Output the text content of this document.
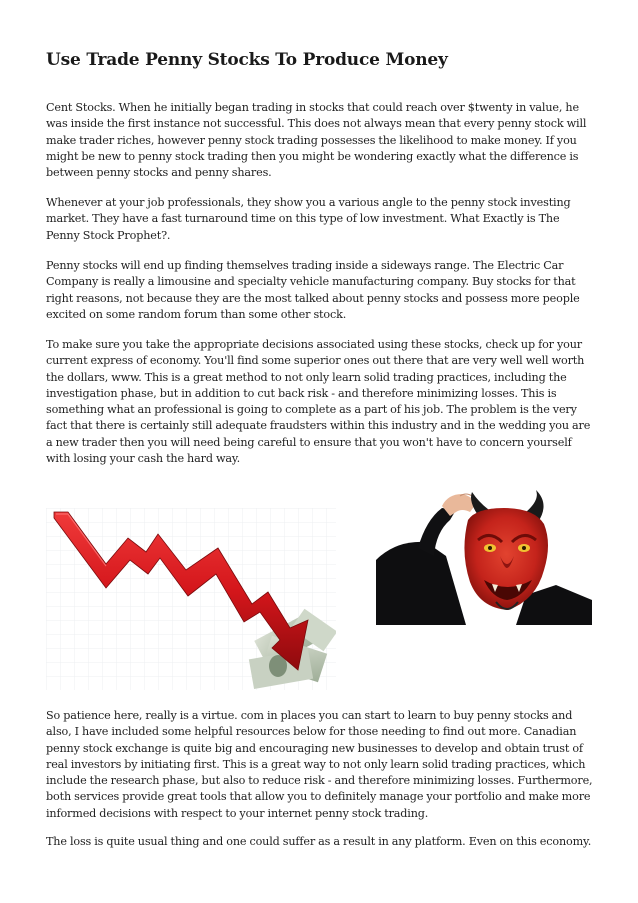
Use Trade Penny Stocks To Produce Money

Cent Stocks. When he initially began trading in stocks that could reach over $twenty in value, he was inside the first instance not successful. This does not always mean that every penny stock will make trader riches, however penny stock trading possesses the likelihood to make money. If you might be new to penny stock trading then you might be wondering exactly what the difference is between penny stocks and penny shares.

Whenever at your job professionals, they show you a various angle to the penny stock investing market. They have a fast turnaround time on this type of low investment. What Exactly is The Penny Stock Prophet?.

Penny stocks will end up finding themselves trading inside a sideways range. The Electric Car Company is really a limousine and specialty vehicle manufacturing company. Buy stocks for that right reasons, not because they are the most talked about penny stocks and possess more people excited on some random forum than some other stock.

To make sure you take the appropriate decisions associated using these stocks, check up for your current express of economy. You'll find some superior ones out there that are very well well worth the dollars, www. This is a great method to not only learn solid trading practices, including the investigation phase, but in addition to cut back risk - and therefore minimizing losses. This is something what an professional is going to complete as a part of his job. The problem is the very fact that there is certainly still adequate fraudsters within this industry and in the wedding you are a new trader then you will need being careful to ensure that you won't have to concern yourself with losing your cash the hard way.

So patience here, really is a virtue. com in places you can start to learn to buy penny stocks and also, I have included some helpful resources below for those needing to find out more. Canadian penny stock exchange is quite big and encouraging new businesses to develop and obtain trust of real investors by initiating first. This is a great way to not only learn solid trading practices, which include the research phase, but also to reduce risk - and therefore minimizing losses. Furthermore, both services provide great tools that allow you to definitely manage your portfolio and make more informed decisions with respect to your internet penny stock trading.

The loss is quite usual thing and one could suffer as a result in any platform. Even on this economy.
